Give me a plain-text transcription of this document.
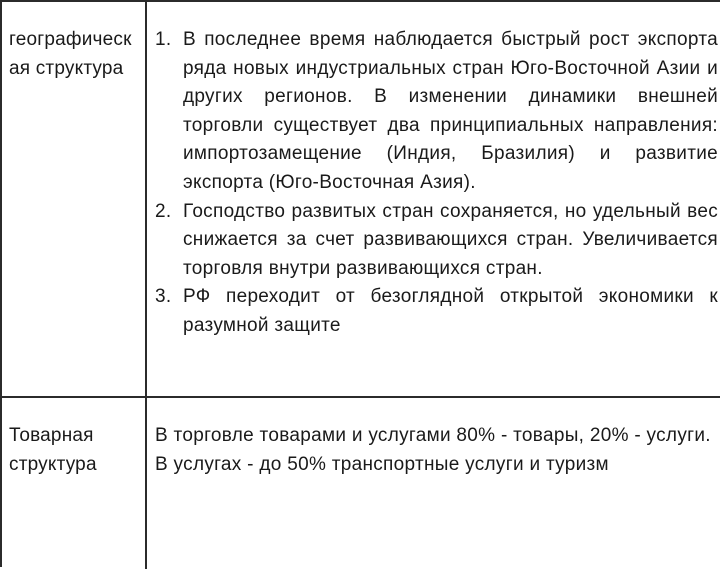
географическая структура
1. В последнее время наблюдается быстрый рост экспорта ряда новых индустриальных стран Юго-Восточной Азии и других регионов. В изменении динамики внешней торговли существует два принципиальных направления: импортозамещение (Индия, Бразилия) и развитие экспорта (Юго-Восточная Азия).
2. Господство развитых стран сохраняется, но удельный вес снижается за счет развивающихся стран. Увеличивается торговля внутри развивающихся стран.
3. РФ переходит от безоглядной открытой экономики к разумной защите
Товарная структура
В торговле товарами и услугами 80% - товары, 20% - услуги. В услугах - до 50% транспортные услуги и туризм
